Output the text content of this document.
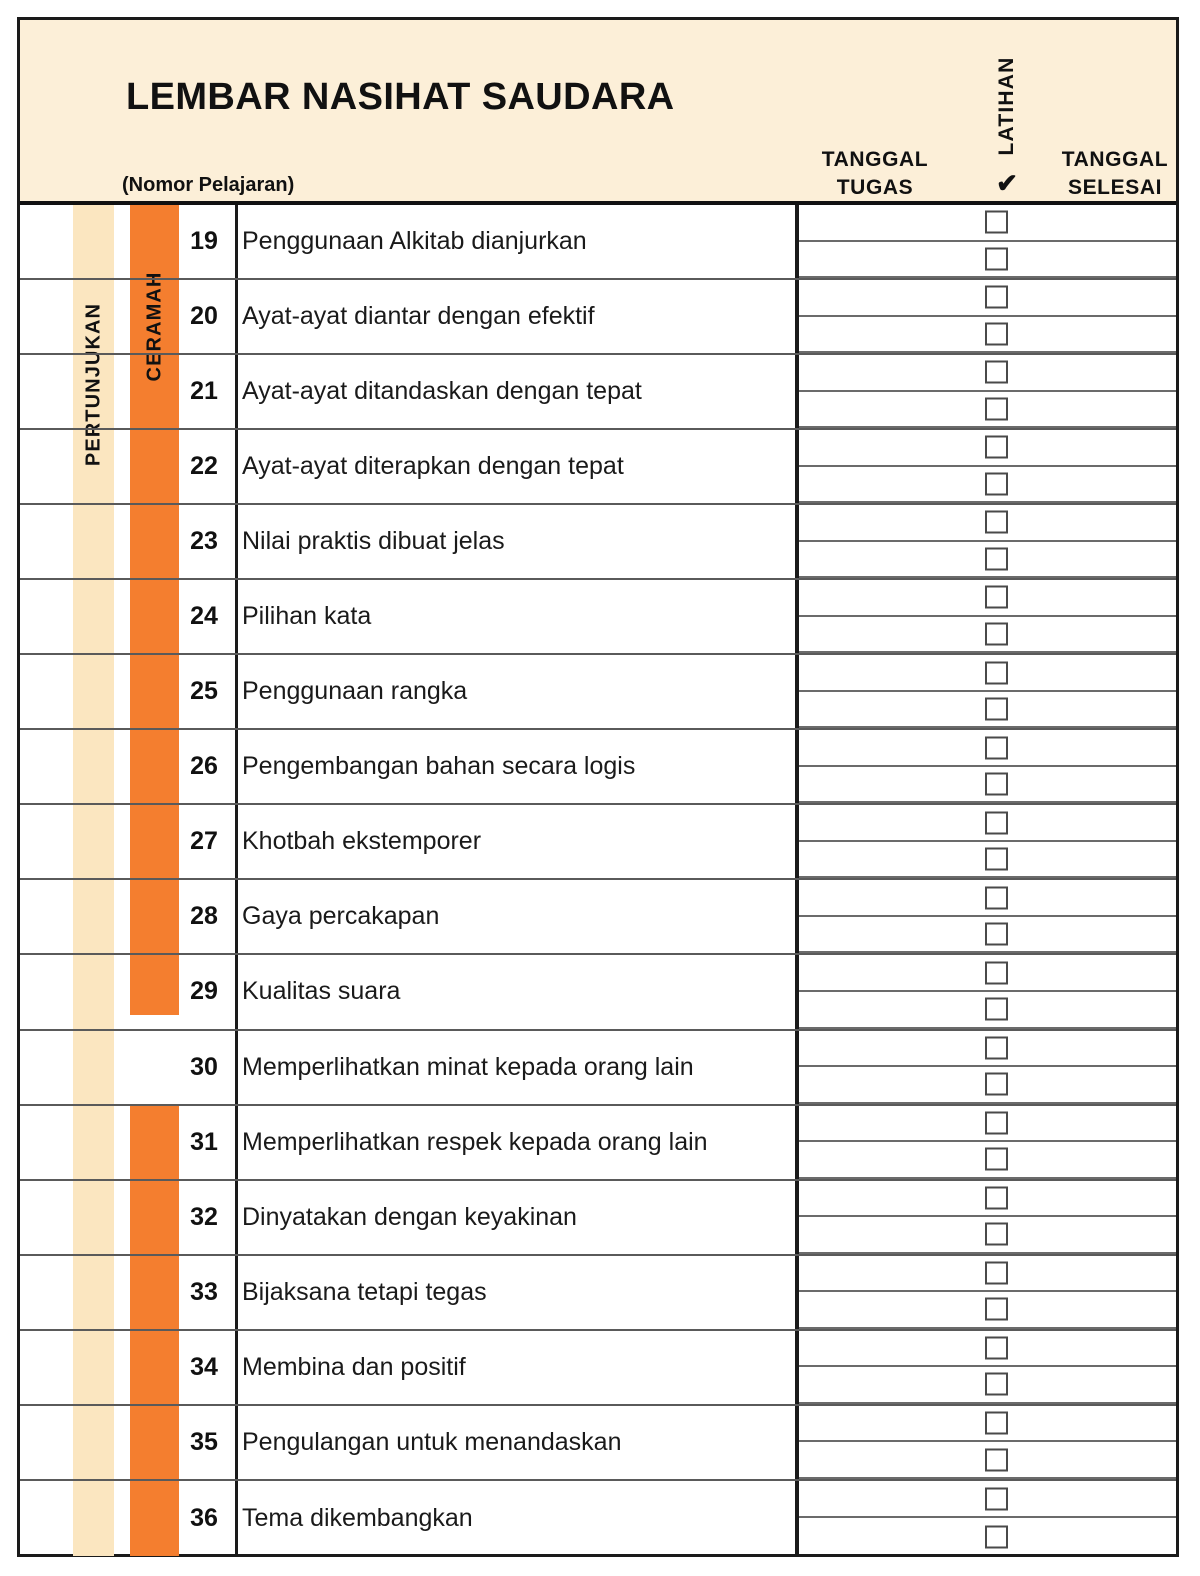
LEMBAR NASIHAT SAUDARA
(Nomor Pelajaran)
TANGGAL
TUGAS
LATIHAN
✔
TANGGAL
SELESAI
PERTUNJUKAN CERAMAH
19 Penggunaan Alkitab dianjurkan
20 Ayat-ayat diantar dengan efektif
21 Ayat-ayat ditandaskan dengan tepat
22 Ayat-ayat diterapkan dengan tepat
23 Nilai praktis dibuat jelas
24 Pilihan kata
25 Penggunaan rangka
26 Pengembangan bahan secara logis
27 Khotbah ekstemporer
28 Gaya percakapan
29 Kualitas suara
30 Memperlihatkan minat kepada orang lain
31 Memperlihatkan respek kepada orang lain
32 Dinyatakan dengan keyakinan
33 Bijaksana tetapi tegas
34 Membina dan positif
35 Pengulangan untuk menandaskan
36 Tema dikembangkan
